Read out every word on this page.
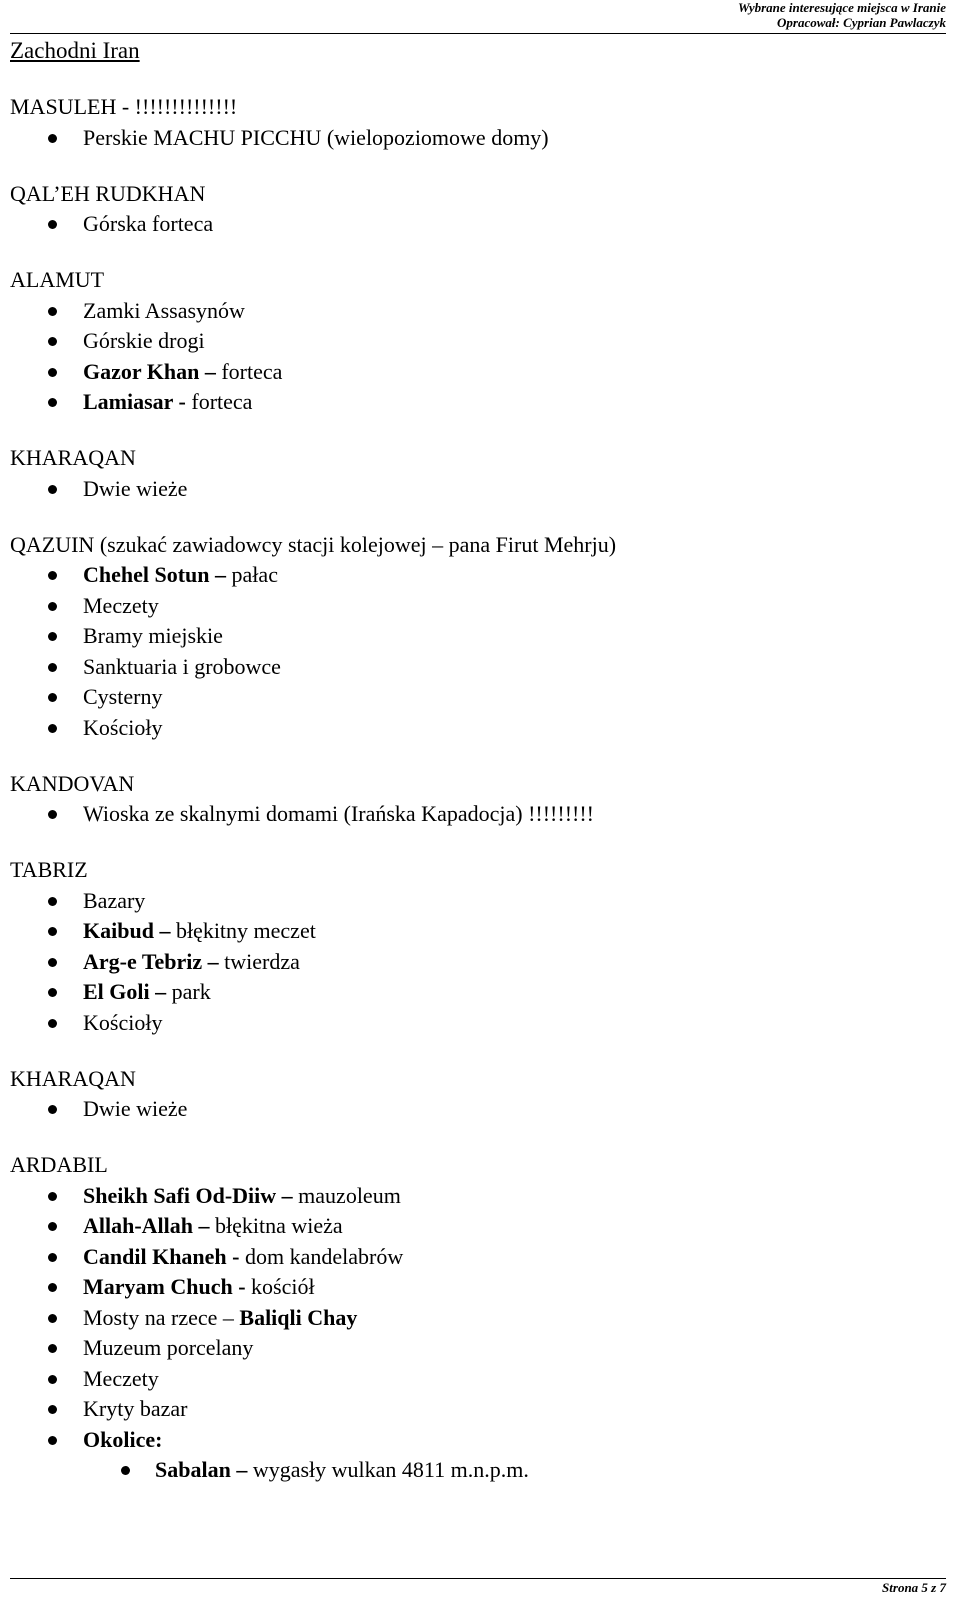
Wybrane interesujące miejsca w Iranie
Opracował: Cyprian Pawlaczyk
Zachodni Iran
MASULEH - !!!!!!!!!!!!!!
Perskie MACHU PICCHU (wielopoziomowe domy)
QAL’EH RUDKHAN
Górska forteca
ALAMUT
Zamki Assasynów
Górskie drogi
Gazor Khan – forteca
Lamiasar - forteca
KHARAQAN
Dwie wieże
QAZUIN (szukać zawiadowcy stacji kolejowej – pana Firut Mehrju)
Chehel Sotun – pałac
Meczety
Bramy miejskie
Sanktuaria i grobowce
Cysterny
Kościoły
KANDOVAN
Wioska ze skalnymi domami (Irańska Kapadocja) !!!!!!!!!
TABRIZ
Bazary
Kaibud – błękitny meczet
Arg-e Tebriz – twierdza
El Goli – park
Kościoły
KHARAQAN
Dwie wieże
ARDABIL
Sheikh Safi Od-Diiw – mauzoleum
Allah-Allah – błękitna wieża
Candil Khaneh - dom kandelabrów
Maryam Chuch - kościół
Mosty na rzece – Baliqli Chay
Muzeum porcelany
Meczety
Kryty bazar
Okolice:
Sabalan – wygasły wulkan 4811 m.n.p.m.
Strona 5 z 7
